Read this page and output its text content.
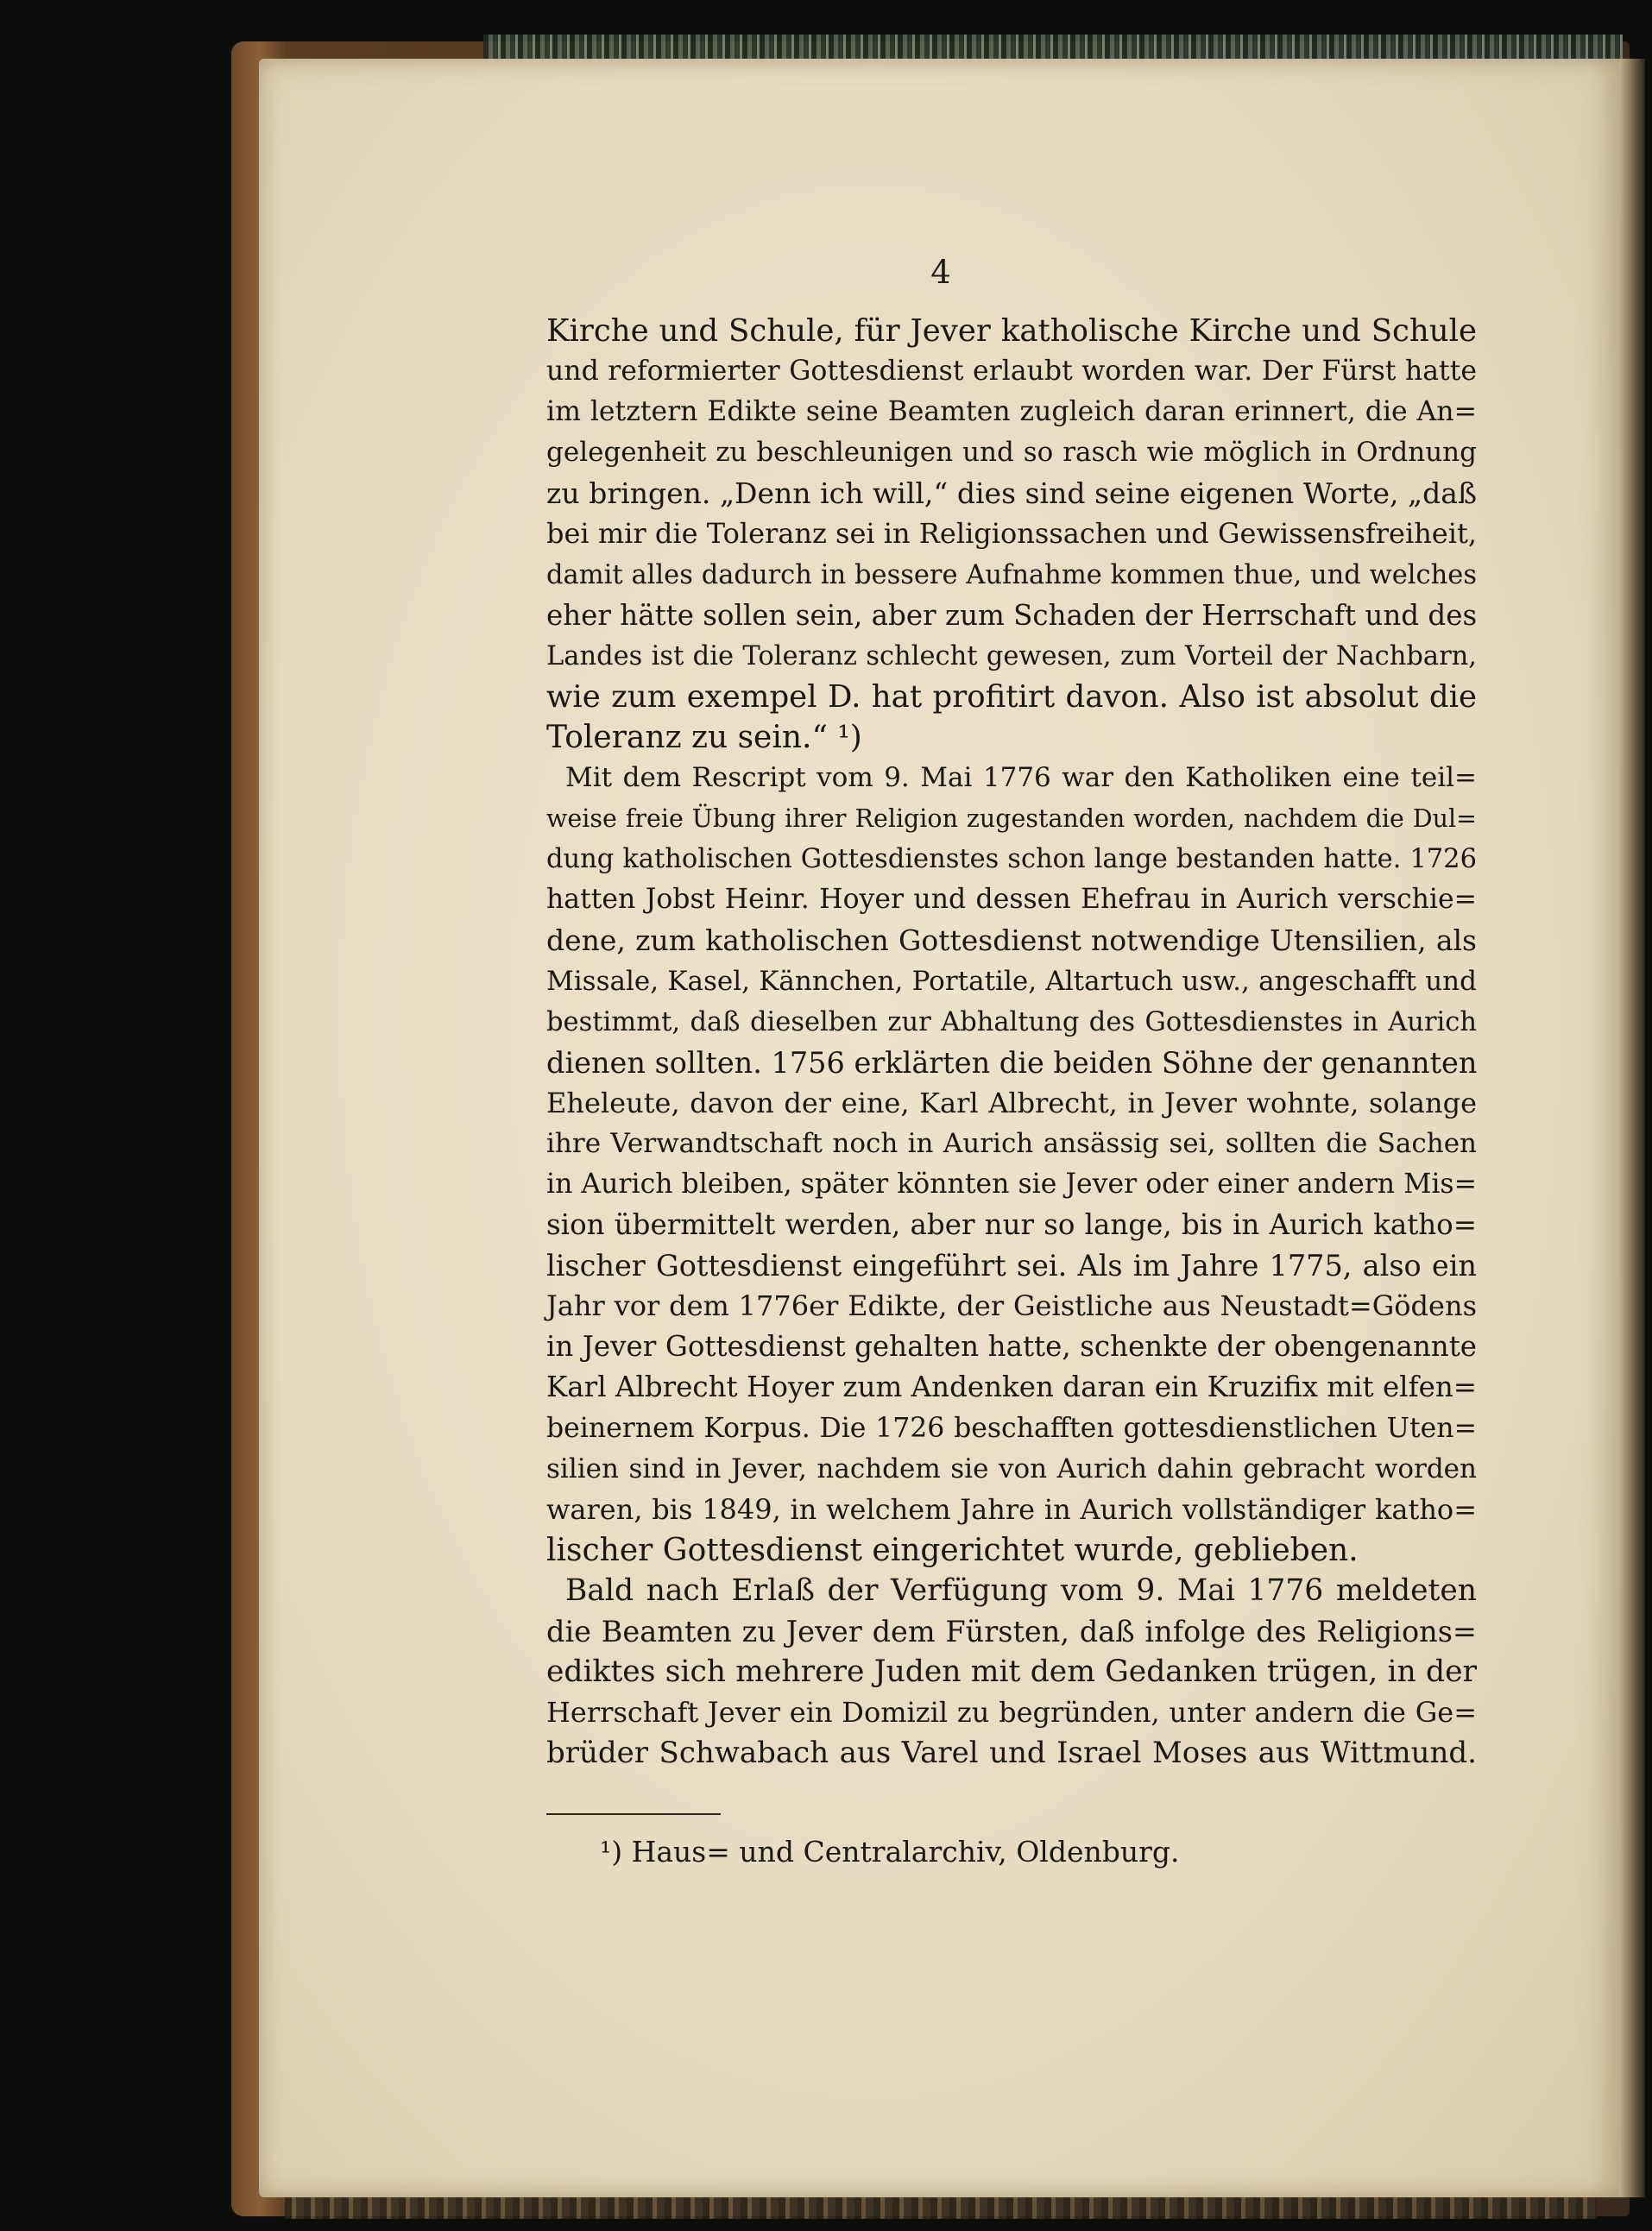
4
Kirche und Schule, für Jever katholische Kirche und Schule
und reformierter Gottesdienst erlaubt worden war. Der Fürst hatte
im letztern Edikte seine Beamten zugleich daran erinnert, die An=
gelegenheit zu beschleunigen und so rasch wie möglich in Ordnung
zu bringen. „Denn ich will,“ dies sind seine eigenen Worte, „daß
bei mir die Toleranz sei in Religionssachen und Gewissensfreiheit,
damit alles dadurch in bessere Aufnahme kommen thue, und welches
eher hätte sollen sein, aber zum Schaden der Herrschaft und des
Landes ist die Toleranz schlecht gewesen, zum Vorteil der Nachbarn,
wie zum exempel D. hat profitirt davon. Also ist absolut die
Toleranz zu sein.“ ¹)
Mit dem Rescript vom 9. Mai 1776 war den Katholiken eine teil=
weise freie Übung ihrer Religion zugestanden worden, nachdem die Dul=
dung katholischen Gottesdienstes schon lange bestanden hatte. 1726
hatten Jobst Heinr. Hoyer und dessen Ehefrau in Aurich verschie=
dene, zum katholischen Gottesdienst notwendige Utensilien, als
Missale, Kasel, Kännchen, Portatile, Altartuch usw., angeschafft und
bestimmt, daß dieselben zur Abhaltung des Gottesdienstes in Aurich
dienen sollten. 1756 erklärten die beiden Söhne der genannten
Eheleute, davon der eine, Karl Albrecht, in Jever wohnte, solange
ihre Verwandtschaft noch in Aurich ansässig sei, sollten die Sachen
in Aurich bleiben, später könnten sie Jever oder einer andern Mis=
sion übermittelt werden, aber nur so lange, bis in Aurich katho=
lischer Gottesdienst eingeführt sei. Als im Jahre 1775, also ein
Jahr vor dem 1776er Edikte, der Geistliche aus Neustadt=Gödens
in Jever Gottesdienst gehalten hatte, schenkte der obengenannte
Karl Albrecht Hoyer zum Andenken daran ein Kruzifix mit elfen=
beinernem Korpus. Die 1726 beschafften gottesdienstlichen Uten=
silien sind in Jever, nachdem sie von Aurich dahin gebracht worden
waren, bis 1849, in welchem Jahre in Aurich vollständiger katho=
lischer Gottesdienst eingerichtet wurde, geblieben.
Bald nach Erlaß der Verfügung vom 9. Mai 1776 meldeten
die Beamten zu Jever dem Fürsten, daß infolge des Religions=
ediktes sich mehrere Juden mit dem Gedanken trügen, in der
Herrschaft Jever ein Domizil zu begründen, unter andern die Ge=
brüder Schwabach aus Varel und Israel Moses aus Wittmund.
¹) Haus= und Centralarchiv, Oldenburg.
